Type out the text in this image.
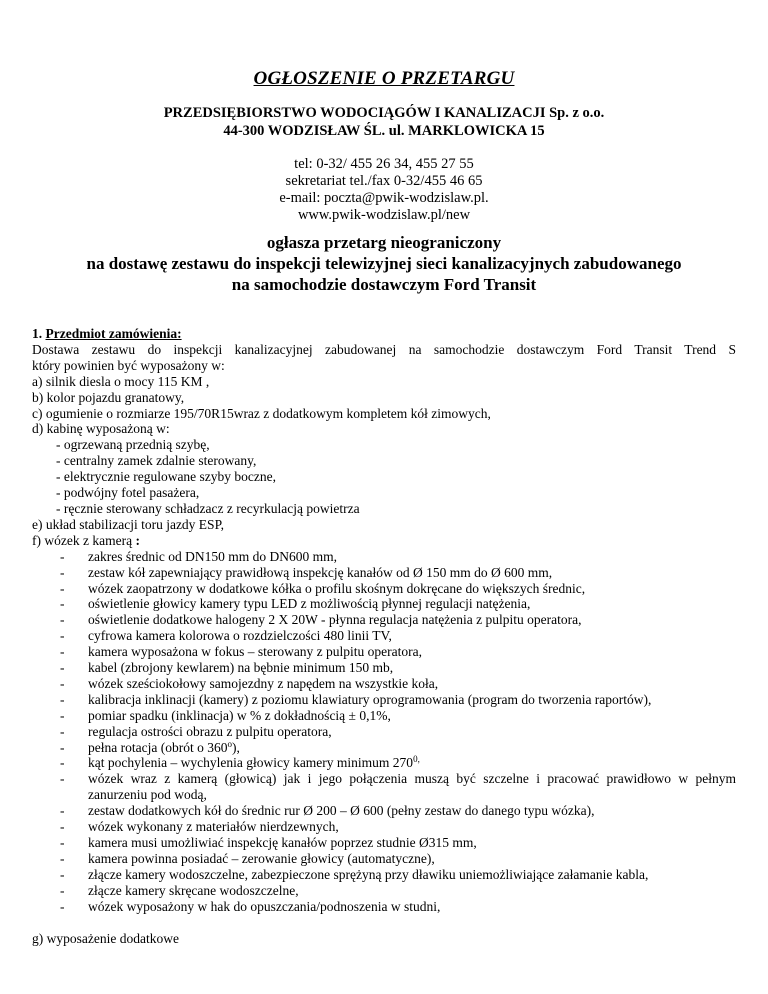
OGŁOSZENIE O PRZETARGU
PRZEDSIĘBIORSTWO WODOCIĄGÓW I KANALIZACJI Sp. z o.o.
44-300 WODZISŁAW ŚL. ul. MARKLOWICKA 15
tel: 0-32/ 455 26 34, 455 27 55
sekretariat tel./fax 0-32/455 46 65
e-mail: poczta@pwik-wodzislaw.pl.
www.pwik-wodzislaw.pl/new
ogłasza przetarg nieograniczony
na dostawę zestawu do inspekcji telewizyjnej sieci kanalizacyjnych zabudowanego
na samochodzie dostawczym Ford Transit
1. Przedmiot zamówienia:
Dostawa zestawu do inspekcji kanalizacyjnej zabudowanej na samochodzie dostawczym Ford Transit Trend S
który powinien być wyposażony w:
a) silnik diesla o mocy 115 KM ,
b) kolor pojazdu granatowy,
c) ogumienie o rozmiarze 195/70R15wraz z dodatkowym kompletem kół zimowych,
d) kabinę wyposażoną w:
- ogrzewaną przednią szybę,
- centralny zamek zdalnie sterowany,
- elektrycznie regulowane szyby boczne,
- podwójny fotel pasażera,
- ręcznie sterowany schładzacz z recyrkulacją powietrza
e) układ stabilizacji toru jazdy ESP,
f) wózek z kamerą :
- zakres średnic od DN150 mm do DN600 mm,
- zestaw kół zapewniający prawidłową inspekcję kanałów od Ø 150 mm do Ø 600 mm,
- wózek zaopatrzony w dodatkowe kółka o profilu skośnym dokręcane do większych średnic,
- oświetlenie głowicy kamery typu LED z możliwością płynnej regulacji natężenia,
- oświetlenie dodatkowe halogeny 2 X 20W - płynna regulacja natężenia z pulpitu operatora,
- cyfrowa kamera kolorowa o rozdzielczości 480 linii TV,
- kamera wyposażona w fokus – sterowany z pulpitu operatora,
- kabel (zbrojony kewlarem) na bębnie minimum 150 mb,
- wózek sześciokołowy samojezdny z napędem na wszystkie koła,
- kalibracja inklinacji (kamery) z poziomu klawiatury oprogramowania (program do tworzenia raportów),
- pomiar spadku (inklinacja) w % z dokładnością ± 0,1%,
- regulacja ostrości obrazu z pulpitu operatora,
- pełna rotacja (obrót o 360$^o$),
- kąt pochylenia – wychylenia głowicy kamery minimum $270^{0,}$
- wózek wraz z kamerą (głowicą) jak i jego połączenia muszą być szczelne i pracować prawidłowo w pełnym
zanurzeniu pod wodą,
- zestaw dodatkowych kół do średnic rur Ø 200 – Ø 600 (pełny zestaw do danego typu wózka),
- wózek wykonany z materiałów nierdzewnych,
- kamera musi umożliwiać inspekcję kanałów poprzez studnie Ø315 mm,
- kamera powinna posiadać – zerowanie głowicy (automatyczne),
- złącze kamery wodoszczelne, zabezpieczone sprężyną przy dławiku uniemożliwiające załamanie kabla,
- złącze kamery skręcane wodoszczelne,
- wózek wyposażony w hak do opuszczania/podnoszenia w studni,
g) wyposażenie dodatkowe
